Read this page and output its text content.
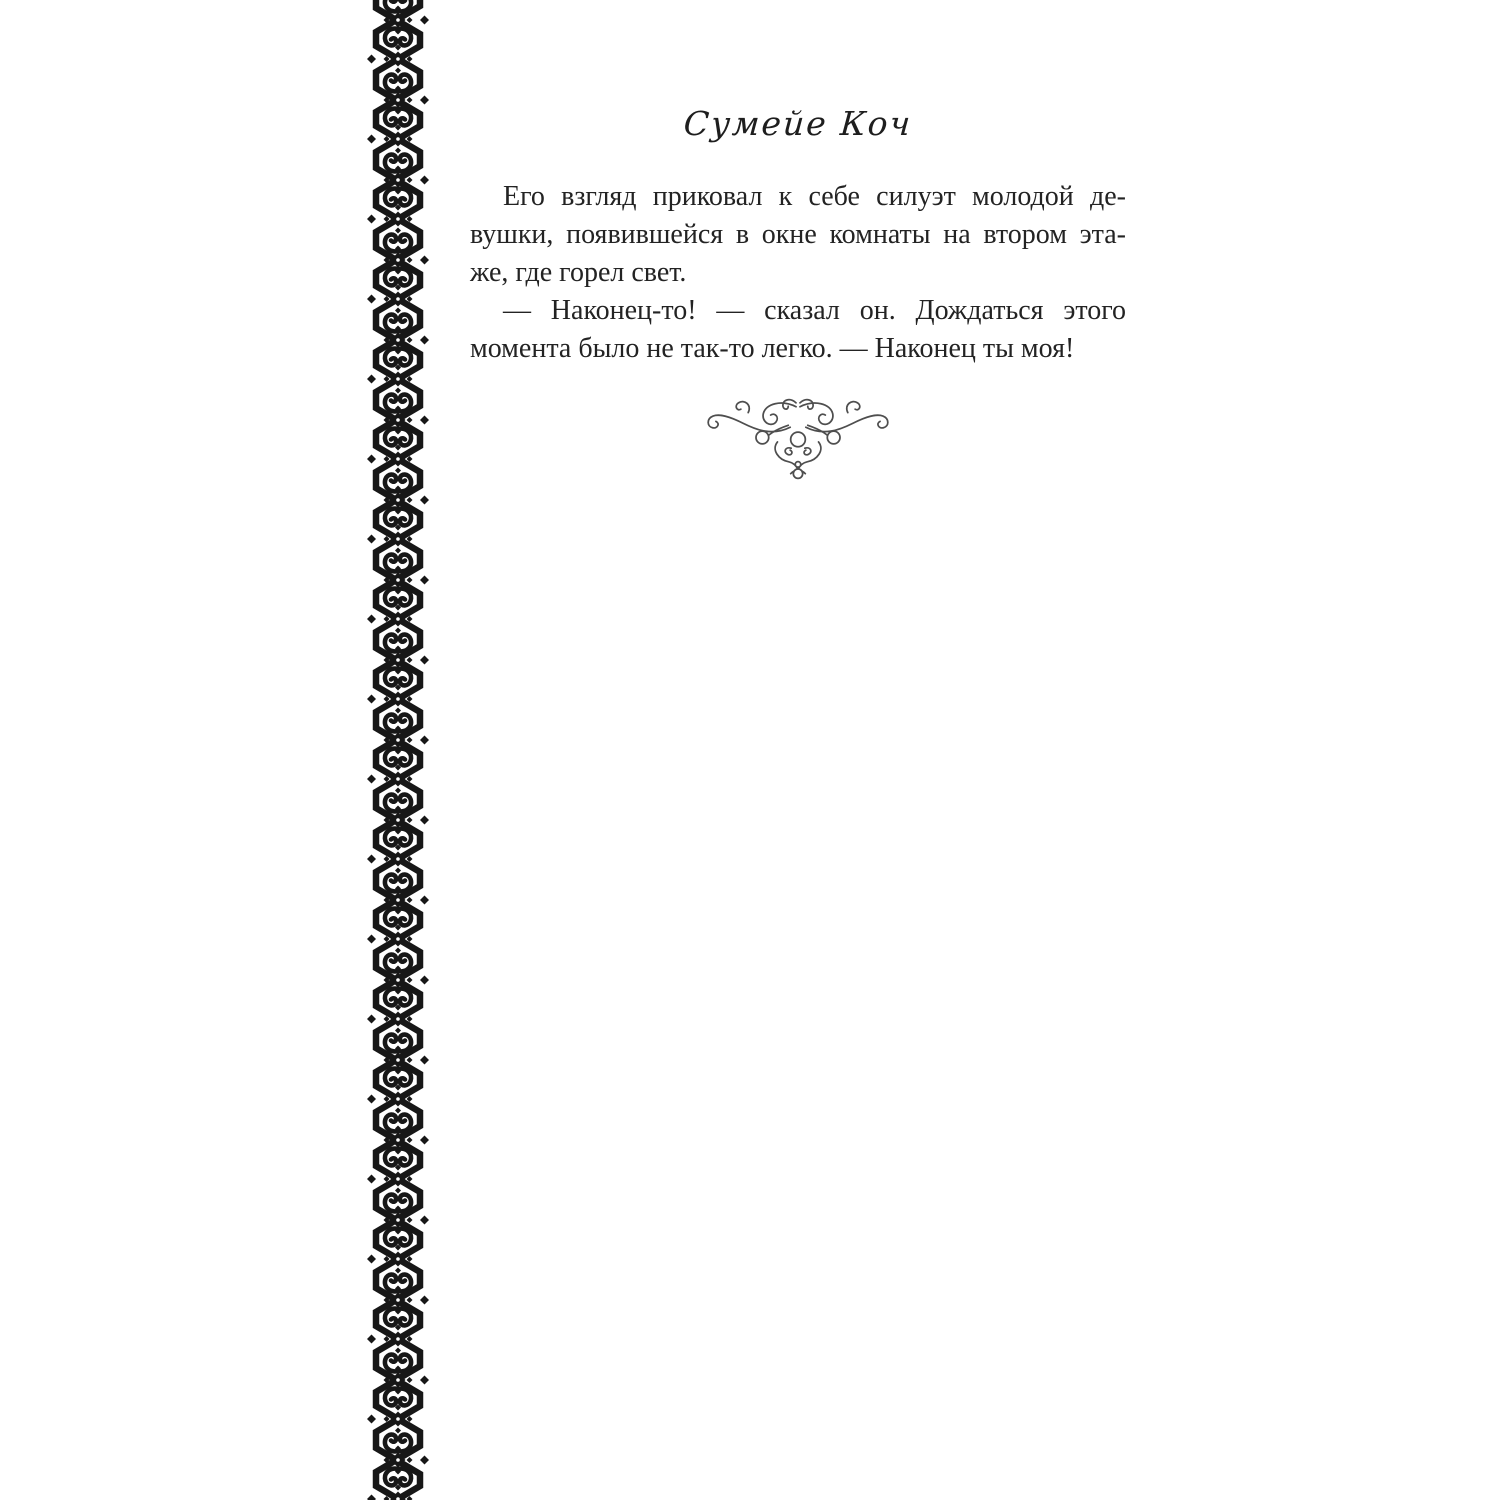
Сумейе Коч
Его взгляд приковал к себе силуэт молодой де-
вушки, появившейся в окне комнаты на втором эта-
же, где горел свет.
— Наконец-то! — сказал он. Дождаться этого
момента было не так-то легко. — Наконец ты моя!
